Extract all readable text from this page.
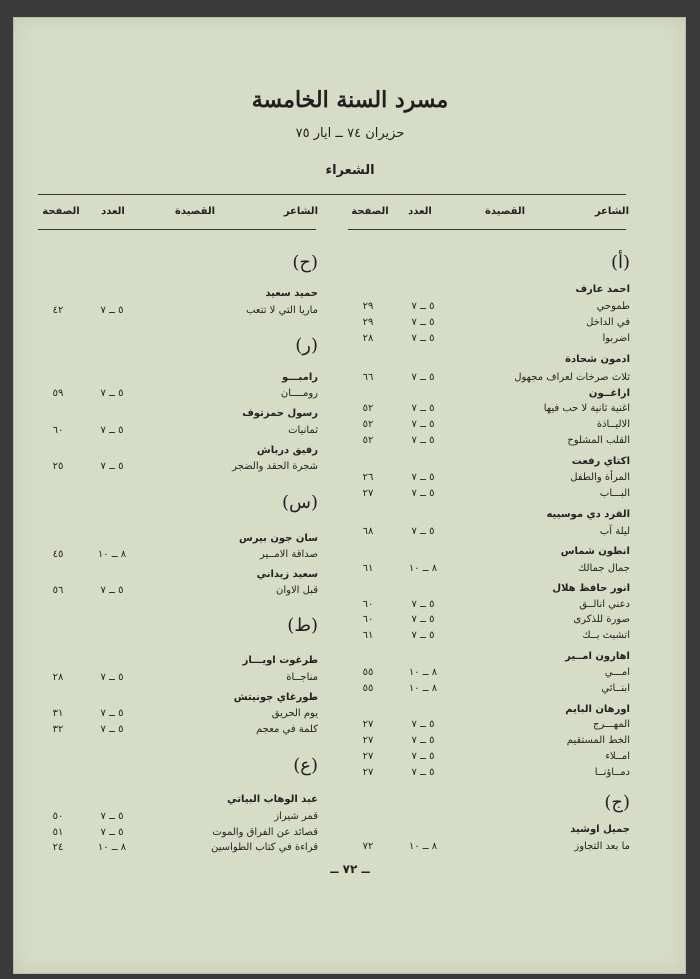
مسرد السنة الخامسة
حزيران ٧٤ ــ ايار ٧٥
الشعراء
الشاعر
القصيدة
العدد
الصفحة
الشاعر
القصيدة
العدد
الصفحة
(أ)
احمد عارف
طموحي
٥ ــ ٧
٢٩
في الداخل
٥ ــ ٧
٢٩
اضربوا
٥ ــ ٧
٢٨
ادمون شحادة
ثلاث صرخات لعراف مجهول
٥ ــ ٧
٦٦
اراغــون
اغنية ثانية لا حب فيها
٥ ــ ٧
٥٢
الاليــاذة
٥ ــ ٧
٥٢
القلب المشلوح
٥ ــ ٧
٥٢
اكتاي رفعت
المرأة والطفل
٥ ــ ٧
٢٦
البـــاب
٥ ــ ٧
٢٧
الفرد دي موسييه
ليلة آب
٥ ــ ٧
٦٨
انطون شماس
جمال جمالك
٨ ــ ١٠
٦١
انور حافظ هلال
دعني انالــق
٥ ــ ٧
٦٠
صورة للذكرى
٥ ــ ٧
٦٠
اتشبث بــك
٥ ــ ٧
٦١
اهارون امــير
امـــي
٨ ــ ١٠
٥٥
ابنــائي
٨ ــ ١٠
٥٥
اورهان البايم
المهـــرج
٥ ــ ٧
٢٧
الخط المستقيم
٥ ــ ٧
٢٧
امــلاء
٥ ــ ٧
٢٧
دمــاؤنــا
٥ ــ ٧
٢٧
(ج)
جميل اوشيد
ما بعد التجاوز
٨ ــ ١٠
٧٢
(ح)
حميد سعيد
ماريا التي لا تتعب
٥ ــ ٧
٤٢
(ر)
رامبـــو
رومــــان
٥ ــ ٧
٥٩
رسول حمزتوف
ثمانيات
٥ ــ ٧
٦٠
رفيق درباش
شجرة الحقد والضجر
٥ ــ ٧
٢٥
(س)
سان جون بيرس
صداقة الامــير
٨ ــ ١٠
٤٥
سعيد زيداني
قبل الاوان
٥ ــ ٧
٥٦
(ط)
طرغوت اويـــار
مناجــاة
٥ ــ ٧
٢٨
طورغاي جونيتش
يوم الحريق
٥ ــ ٧
٣١
كلمة في معجم
٥ ــ ٧
٣٢
(ع)
عبد الوهاب البياتي
قمر شيراز
٥ ــ ٧
٥٠
قصائد عن الفراق والموت
٥ ــ ٧
٥١
قراءة في كتاب الطواسين
٨ ــ ١٠
٢٤
ــ ٧٢ ــ
